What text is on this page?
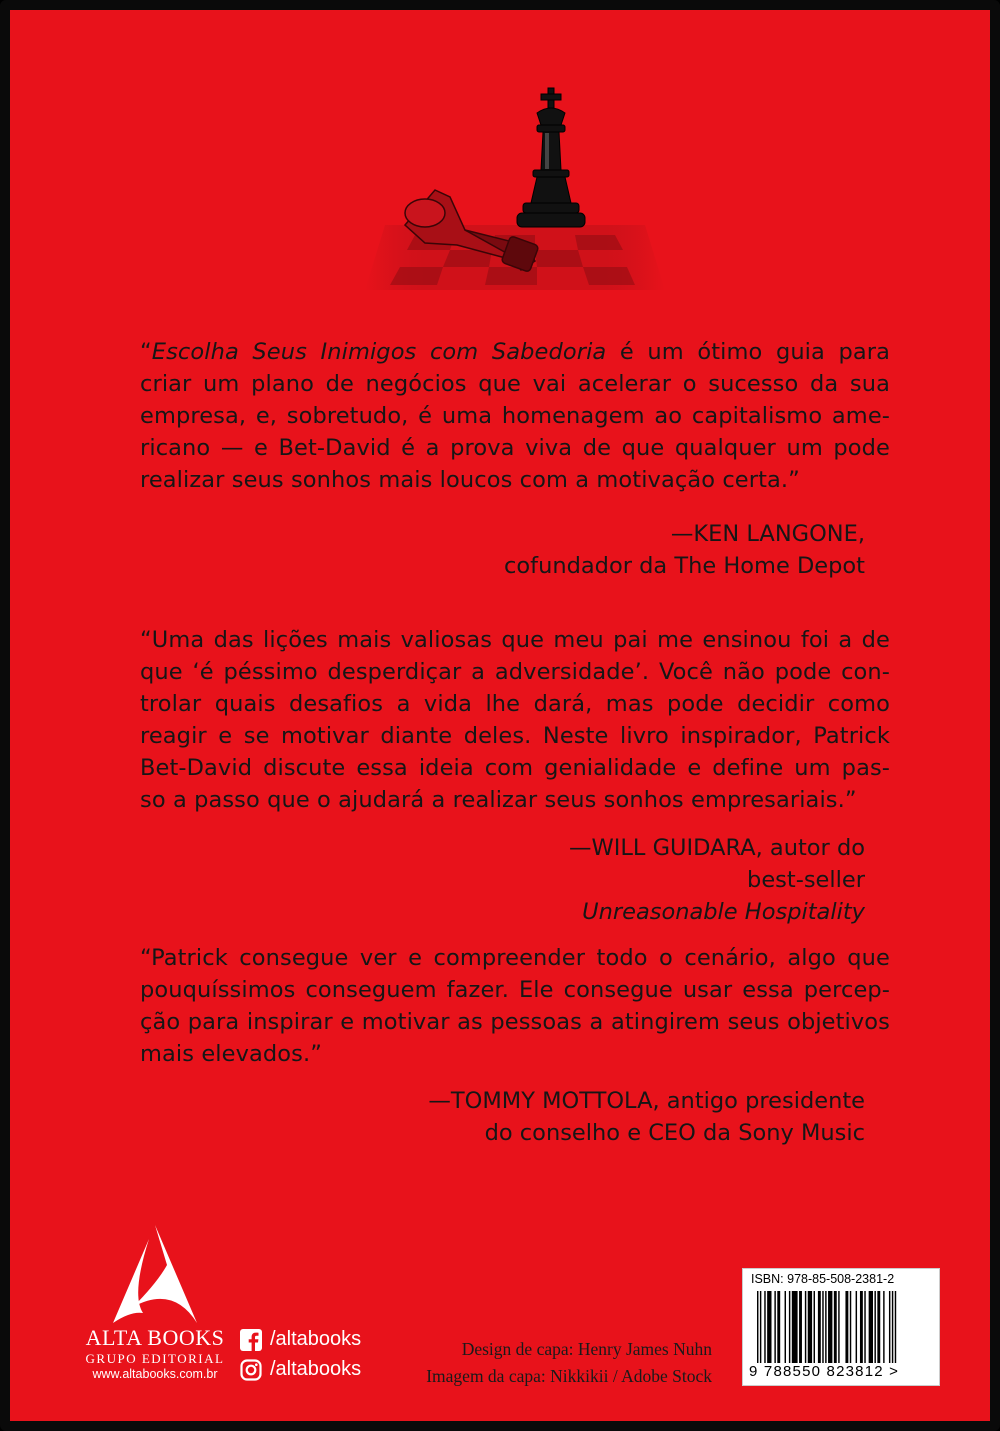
“Escolha Seus Inimigos com Sabedoria é um ótimo guia para
criar um plano de negócios que vai acelerar o sucesso da sua
empresa, e, sobretudo, é uma homenagem ao capitalismo ame-
ricano — e Bet-David é a prova viva de que qualquer um pode
realizar seus sonhos mais loucos com a motivação certa.”
—KEN LANGONE,
cofundador da The Home Depot
“Uma das lições mais valiosas que meu pai me ensinou foi a de
que ‘é péssimo desperdiçar a adversidade’. Você não pode con-
trolar quais desafios a vida lhe dará, mas pode decidir como
reagir e se motivar diante deles. Neste livro inspirador, Patrick
Bet-David discute essa ideia com genialidade e define um pas-
so a passo que o ajudará a realizar seus sonhos empresariais.”
—WILL GUIDARA, autor do
best-seller
Unreasonable Hospitality
“Patrick consegue ver e compreender todo o cenário, algo que
pouquíssimos conseguem fazer. Ele consegue usar essa percep-
ção para inspirar e motivar as pessoas a atingirem seus objetivos
mais elevados.”
—TOMMY MOTTOLA, antigo presidente
do conselho e CEO da Sony Music
ALTA BOOKS
GRUPO EDITORIAL
www.altabooks.com.br
/altabooks
/altabooks
Design de capa: Henry James Nuhn
Imagem da capa: Nikkikii / Adobe Stock
ISBN: 978-85-508-2381-2
9 788550 823812 >
